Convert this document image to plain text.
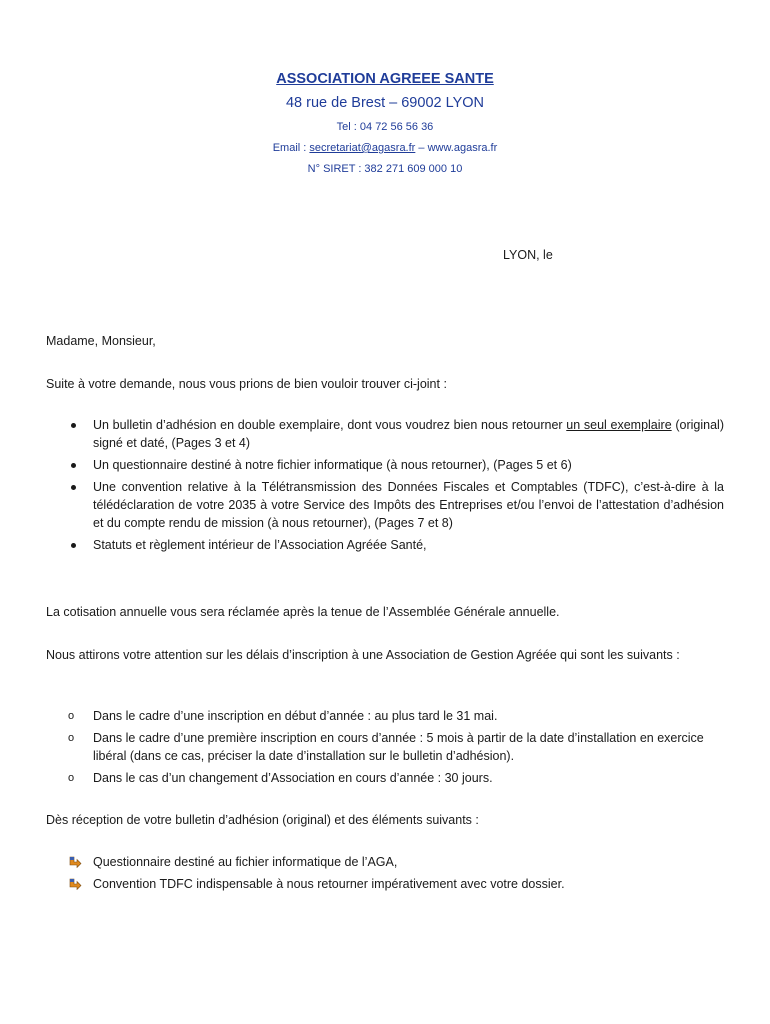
ASSOCIATION AGREEE SANTE
48 rue de Brest – 69002 LYON
Tel : 04 72 56 56 36
Email : secretariat@agasra.fr – www.agasra.fr
N° SIRET : 382 271 609 000 10
LYON, le
Madame, Monsieur,
Suite à votre demande, nous vous prions de bien vouloir trouver ci-joint :
Un bulletin d’adhésion en double exemplaire, dont vous voudrez bien nous retourner un seul exemplaire (original) signé et daté, (Pages 3 et 4)
Un questionnaire destiné à notre fichier informatique (à nous retourner), (Pages 5 et 6)
Une convention relative à la Télétransmission des Données Fiscales et Comptables (TDFC), c’est-à-dire à la télédéclaration de votre 2035 à votre Service des Impôts des Entreprises et/ou l’envoi de l’attestation d’adhésion et du compte rendu de mission (à nous retourner), (Pages 7 et 8)
Statuts et règlement intérieur de l’Association Agréée Santé,
La cotisation annuelle vous sera réclamée après la tenue de l’Assemblée Générale annuelle.
Nous attirons votre attention sur les délais d’inscription à une Association de Gestion Agréée qui sont les suivants :
o Dans le cadre d’une inscription en début d’année : au plus tard le 31 mai.
o Dans le cadre d’une première inscription en cours d’année : 5 mois à partir de la date d’installation en exercice libéral (dans ce cas, préciser la date d’installation sur le bulletin d’adhésion).
o Dans le cas d’un changement d’Association en cours d’année : 30 jours.
Dès réception de votre bulletin d’adhésion (original) et des éléments suivants :
Questionnaire destiné au fichier informatique de l’AGA,
Convention TDFC indispensable à nous retourner impérativement avec votre dossier.
